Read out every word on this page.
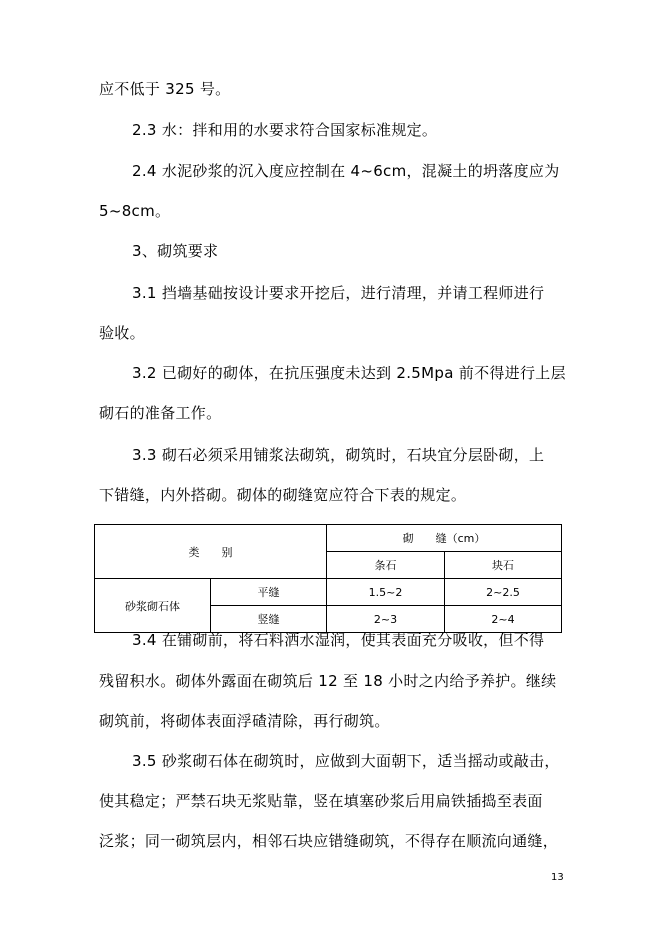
应不低于 325 号。
2.3 水：拌和用的水要求符合国家标准规定。
2.4 水泥砂浆的沉入度应控制在 4~6cm，混凝土的坍落度应为
5~8cm。
3、砌筑要求
3.1 挡墙基础按设计要求开挖后，进行清理，并请工程师进行
验收。
3.2 已砌好的砌体，在抗压强度未达到 2.5Mpa 前不得进行上层
砌石的准备工作。
3.3 砌石必须采用铺浆法砌筑，砌筑时，石块宜分层卧砌，上
下错缝，内外搭砌。砌体的砌缝宽应符合下表的规定。
类　　别		砌　　缝（cm）	
		条石	块石
砂浆砌石体	平缝	1.5~2	2~2.5
	竖缝	2~3	2~4
3.4 在铺砌前，将石料洒水湿润，使其表面充分吸收，但不得
残留积水。砌体外露面在砌筑后 12 至 18 小时之内给予养护。继续
砌筑前，将砌体表面浮碴清除，再行砌筑。
3.5 砂浆砌石体在砌筑时，应做到大面朝下，适当摇动或敲击，
使其稳定；严禁石块无浆贴靠，竖在填塞砂浆后用扁铁插捣至表面
泛浆；同一砌筑层内，相邻石块应错缝砌筑，不得存在顺流向通缝，
13
